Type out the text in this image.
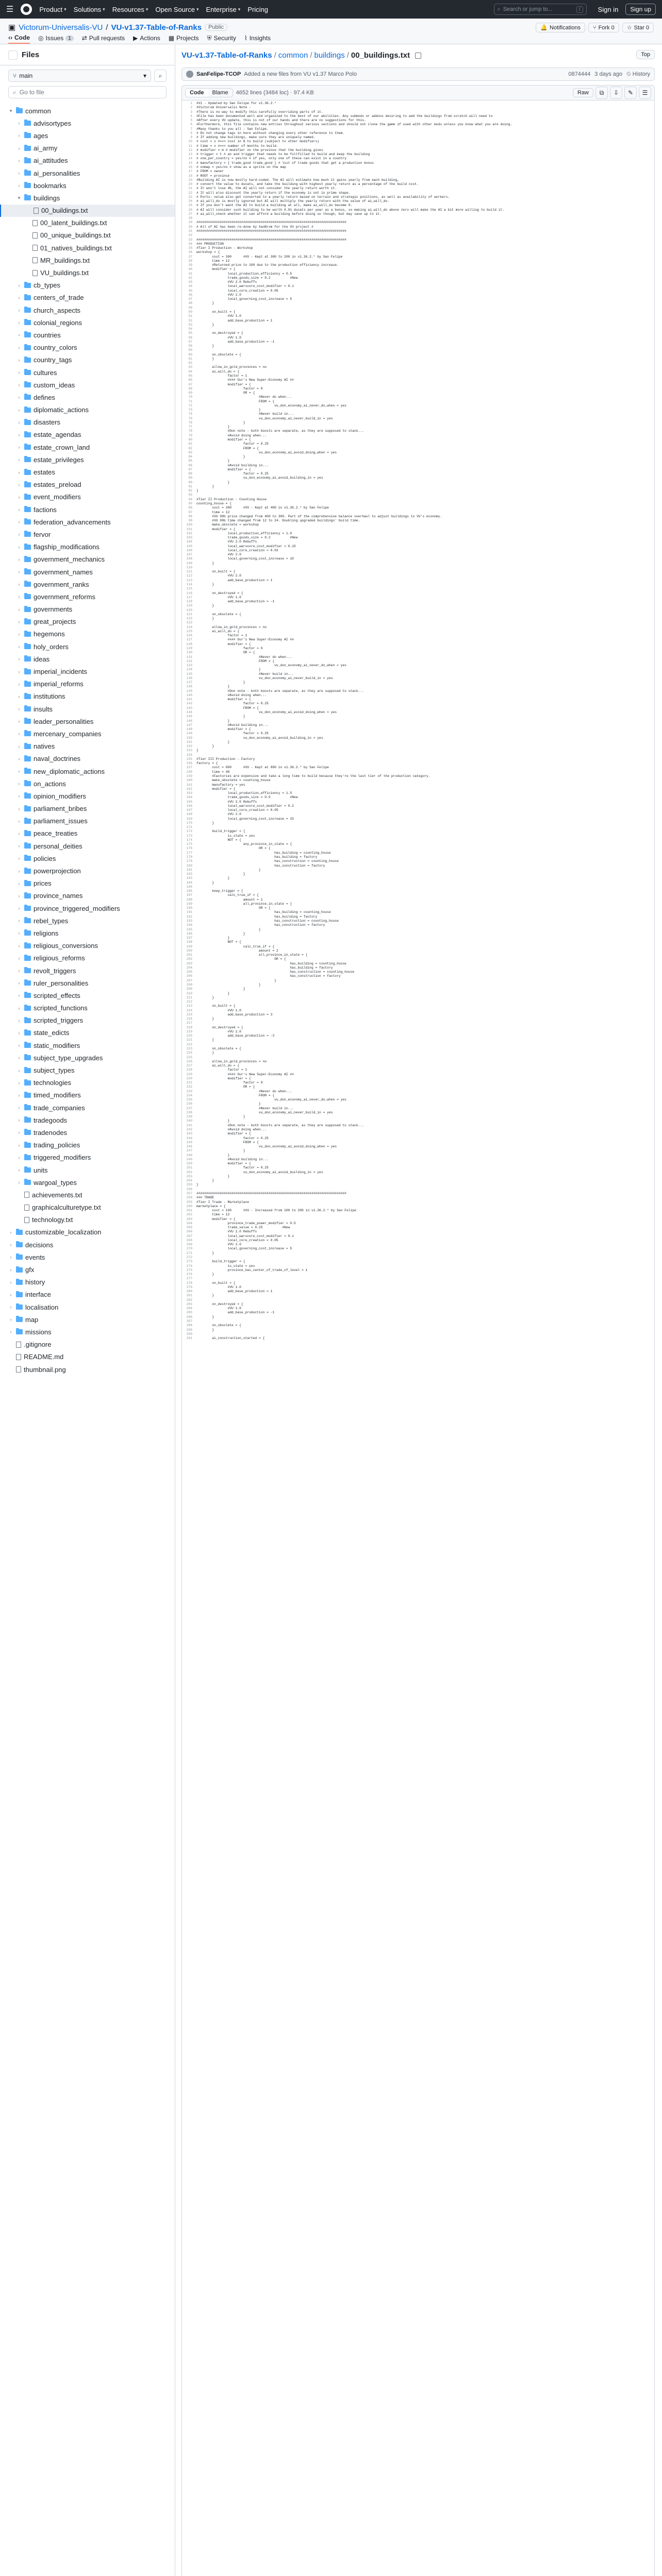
☰	Product ▾ Solutions ▾ Resources ▾ Open Source ▾ Enterprise ▾ Pricing	⌕ Search or jump to...	/	Sign in	Sign up
▣ Victorum-Universalis-VU / VU-v1.37-Table-of-Ranks	Public	🔔 Notifications ⑂ Fork 0 ☆ Star 0
‹› Code ◎ Issues 1	⇄ Pull requests ▶ Actions ▦ Projects ⛨ Security ⌇ Insights
Files
⑂ main	▾ ⌕
⌕ Go to file
▾ common
› advisortypes
› ages
› ai_army
› ai_attitudes
› ai_personalities
› bookmarks
▾ buildings
00_buildings.txt
00_latent_buildings.txt
00_unique_buildings.txt
01_natives_buildings.txt
MR_buildings.txt
VU_buildings.txt
› cb_types
› centers_of_trade
› church_aspects
› colonial_regions
› countries
› country_colors
› country_tags
› cultures
› custom_ideas
› defines
› diplomatic_actions
› disasters
› estate_agendas
› estate_crown_land
› estate_privileges
› estates
› estates_preload
› event_modifiers
› factions
› federation_advancements
› fervor
› flagship_modifications
› government_mechanics
› government_names
› government_ranks
› government_reforms
› governments
› great_projects
› hegemons
› holy_orders
› ideas
› imperial_incidents
› imperial_reforms
› institutions
› insults
› leader_personalities
› mercenary_companies
› natives
› naval_doctrines
› new_diplomatic_actions
› on_actions
› opinion_modifiers
› parliament_bribes
› parliament_issues
› peace_treaties
› personal_deities
› policies
› powerprojection
› prices
› province_names
› province_triggered_modifiers
› rebel_types
› religions
› religious_conversions
› religious_reforms
› revolt_triggers
› ruler_personalities
› scripted_effects
› scripted_functions
› scripted_triggers
› state_edicts
› static_modifiers
› subject_type_upgrades
› subject_types
› technologies
› timed_modifiers
› trade_companies
› tradegoods
› tradenodes
› trading_policies
› triggered_modifiers
› units
› wargoal_types
achievements.txt
graphicalculturetype.txt
technology.txt
› customizable_localization
› decisions
› events
› gfx
› history
› interface
› localisation
› map
› missions
.gitignore
README.md
thumbnail.png
VU-v1.37-Table-of-Ranks / common / buildings / 00_buildings.txt	Top
SanFelipe-TCOP Added a new files from VU v1.37 Marco Polo	0874444 3 days ago ⏲ History
Code	Blame	4652 lines (3484 loc) · 97.4 KB	Raw	⧉	⇩	✎	☰
1	#Vi - Updated by San Felipe for v1.36.2.*
2	#Victorum Universalis Note -
3	#There is no way to modify this carefully overriding parts of it.
4	#File has been documented well and organized to the best of our abilities. Any submods or addons desiring to add the buildings from scratch will need to
5	#After every VU update, this is not of our hands and there are no suggestions for this.
6	#Furthermore, this file contains new entries throughout various sections and should not clone the game if used with other mods unless you know what you are doing.
7	#Many thanks to you all - San Felipe.
8	# Do not change tags in here without changing every other reference to them.
9	# If adding new buildings, make sure they are uniquely named.
10	# cost = x #==> cost in $ to build (subject to other modifiers)
11	# time = x #==> number of months to build.
12	# modifier = m # modifier on the province that the building gives
13	# trigger = t # an and trigger that needs to be fullfilled to build and keep the building
14	# one_per_country = yes/no # if yes, only one of these can exist in a country
15	# manufactory = { trade_good trade_good } # list of trade goods that get a production bonus
16	# onmap = yes/no # show as a sprite on the map
17	# FROM = owner
18	# ROOT = province
19	#Building AI is now mostly hard-coded. The AI will estimate how much it gains yearly from each building,
20	# convert the value to ducats, and take the building with highest yearly return as a percentage of the build cost.
21	# It won't lose 4%, the AI will not consider the yearly return worth it.
22	# It will also discount the yearly return if the economy is not in prime shape.
23	# Ports: value also get converted to a yearly return based on terrain and strategic positions, as well as availability of workers.
24	# ai_will_do is mostly ignored but AI will multiply the yearly return with the value of ai_will_do.
25	# If you don't want the AI to build a building at all, make ai_will_do become 0.
26	# AI will consider such building to be worth 0.01 ducats per year as a bonus, so making ai_will_do above zero will make the AI a bit more willing to build it.
27	# ai_will_check whether it can afford a building before doing so though, but may save up to it.
28
29	#############################################################################
30	# All of AI has been re-done by SanBrom for the VU project #
31	#############################################################################
32
33	#############################################################################
34	### PRODUCTION
35	#Tier I Production - Workshop
36	workshop = {
37	cost = 300      #VU - Kept at 300 to 200 in v1.36.2.* by San Felipe
38	time = 12
39	#Returned price to 100 due to the production efficiency increase.
40	modifier = {
41	local_production_efficiency = 0.5
42	trade_goods_size = 0.2          #New
43	#VU 2.0 Rebuffs
44	local_warscore_cost_modifier = 0.1
45	local_core_creation = 0.05
46	#VU 2.0
47	local_governing_cost_increase = 5
48	}
49
50	on_built = {
51	#VU 1.0
52	add_base_production = 1
53	}
54
55	on_destroyed = {
56	#VU 1.0
57	add_base_production = -1
58	}
59
60	on_obsolete = {
61	}
62
63	allow_in_gold_provinces = no
64	ai_will_do = {
65	factor = 1
66	#### Our's New Super-Economy AI ##
67	modifier = {
68	factor = 0
69	OR = {
70	#Never do when...
71	FROM = {
72	vu_don_economy_ai_never_do_when = yes
73	}
74	#Never build in...
75	vu_don_economy_ai_never_build_in = yes
76	}
77	}
78	#Don note - both boosts are separate, as they are supposed to stack...
79	#Avoid doing when...
80	modifier = {
81	factor = 0.25
82	FROM = {
83	vu_don_economy_ai_avoid_doing_when = yes
84	}
85	}
86	#Avoid building in...
87	modifier = {
88	factor = 0.25
89	vu_don_economy_ai_avoid_building_in = yes
90	}
91	}
92	}
93
94	#Tier II Production - Counting House
95	counting_house = {
96	cost = 300      #VU - Kept at 400 in v1.36.2.* by San Felipe
97	time = 12
98	#VU 09b price changed from 400 to 300. Part of the comprehensive balance overhaul to adjust buildings to VU's economy.
99	#VU 09b time changed from 12 to 24. Doubling upgraded buildings' build time.
100	make_obsolete = workshop
101	modifier = {
102	local_production_efficiency = 1.0
103	trade_goods_size = 0.2          #New
104	#VU 2.0 Rebuffs
105	local_warscore_cost_modifier = 0.15
106	local_core_creation = 0.03
107	#VU 2.0
108	local_governing_cost_increase = 10
109	}
110
111	on_built = {
112	#VU 2.0
113	add_base_production = 1
114	}
115
116	on_destroyed = {
117	#VU 1.0
118	add_base_production = -1
119	}
120
121	on_obsolete = {
122	}
123
124	allow_in_gold_provinces = no
125	ai_will_do = {
126	factor = 1
127	#### Our's New Super-Economy AI ##
128	modifier = {
129	factor = 0
130	OR = {
131	#Never do when...
132	FROM = {
133	vu_don_economy_ai_never_do_when = yes
134	}
135	#Never build in...
136	vu_don_economy_ai_never_build_in = yes
137	}
138	}
139	#Don note - both boosts are separate, as they are supposed to stack...
140	#Avoid doing when...
141	modifier = {
142	factor = 0.25
143	FROM = {
144	vu_don_economy_ai_avoid_doing_when = yes
145	}
146	}
147	#Avoid building in...
148	modifier = {
149	factor = 0.25
150	vu_don_economy_ai_avoid_building_in = yes
151	}
152	}
153	}
154
155	#Tier III Production - Factory
156	factory = {
157	cost = 800      #VU - Kept at 800 in v1.36.2.* by San Felipe
158	time = 48
159	#Factories are expensive and take a long time to build because they're the last tier of the production category.
160	make_obsolete = counting_house
161	manufactory = yes
162	modifier = {
163	local_production_efficiency = 1.5
164	trade_goods_size = 0.5          #New
165	#VU 2.0 Rebuffs
166	local_warscore_cost_modifier = 0.2
167	local_core_creation = 0.05
168	#VU 2.0
169	local_governing_cost_increase = 15
170	}
171
172	build_trigger = {
173	is_state = yes
174	NOT = {
175	any_province_in_state = {
176	OR = {
177	has_building = counting_house
178	has_building = factory
179	has_construction = counting_house
180	has_construction = factory
181	}
182	}
183	}
184	}
185
186	keep_trigger = {
187	calc_true_if = {
188	amount = 1
189	all_province_in_state = {
190	OR = {
191	has_building = counting_house
192	has_building = factory
193	has_construction = counting_house
194	has_construction = factory
195	}
196	}
197	}
198	NOT = {
199	calc_true_if = {
200	amount = 2
201	all_province_in_state = {
202	OR = {
203	has_building = counting_house
204	has_building = factory
205	has_construction = counting_house
206	has_construction = factory
207	}
208	}
209	}
210	}
211	}
212
213	on_built = {
214	#VU 1.0
215	add_base_production = 3
216	}
217
218	on_destroyed = {
219	#VU 2.0
220	add_base_production = -3
221	}
222
223	on_obsolete = {
224	}
225
226	allow_in_gold_provinces = no
227	ai_will_do = {
228	factor = 1
229	#### Our's New Super-Economy AI ##
230	modifier = {
231	factor = 0
232	OR = {
233	#Never do when...
234	FROM = {
235	vu_don_economy_ai_never_do_when = yes
236	}
237	#Never build in...
238	vu_don_economy_ai_never_build_in = yes
239	}
240	}
241	#Don note - both boosts are separate, as they are supposed to stack...
242	#Avoid doing when...
243	modifier = {
244	factor = 0.25
245	FROM = {
246	vu_don_economy_ai_avoid_doing_when = yes
247	}
248	}
249	#Avoid building in...
250	modifier = {
251	factor = 0.25
252	vu_don_economy_ai_avoid_building_in = yes
253	}
254	}
255	}
256
257	#############################################################################
258	### TRADE
259	#Tier I Trade - Marketplace
260	marketplace = {
261	cost = 100      #VU - Increased from 100 to 200 in v1.36.2.* by San Felipe
262	time = 12
263	modifier = {
264	province_trade_power_modifier = 0.5
265	trade_value = 0.25          #New
266	#VU 2.0 Rebuffs
267	local_warscore_cost_modifier = 0.1
268	local_core_creation = 0.05
269	#VU 2.0
270	local_governing_cost_increase = 5
271	}
272
273	build_trigger = {
274	is_state = yes
275	province_has_center_of_trade_of_level = 1
276	}
277
278	on_built = {
279	#VU 1.0
280	add_base_production = 1
281	}
282
283	on_destroyed = {
284	#VU 1.0
285	add_base_production = -1
286	}
287
288	on_obsolete = {
289	}
290
291	ai_construction_started = {
